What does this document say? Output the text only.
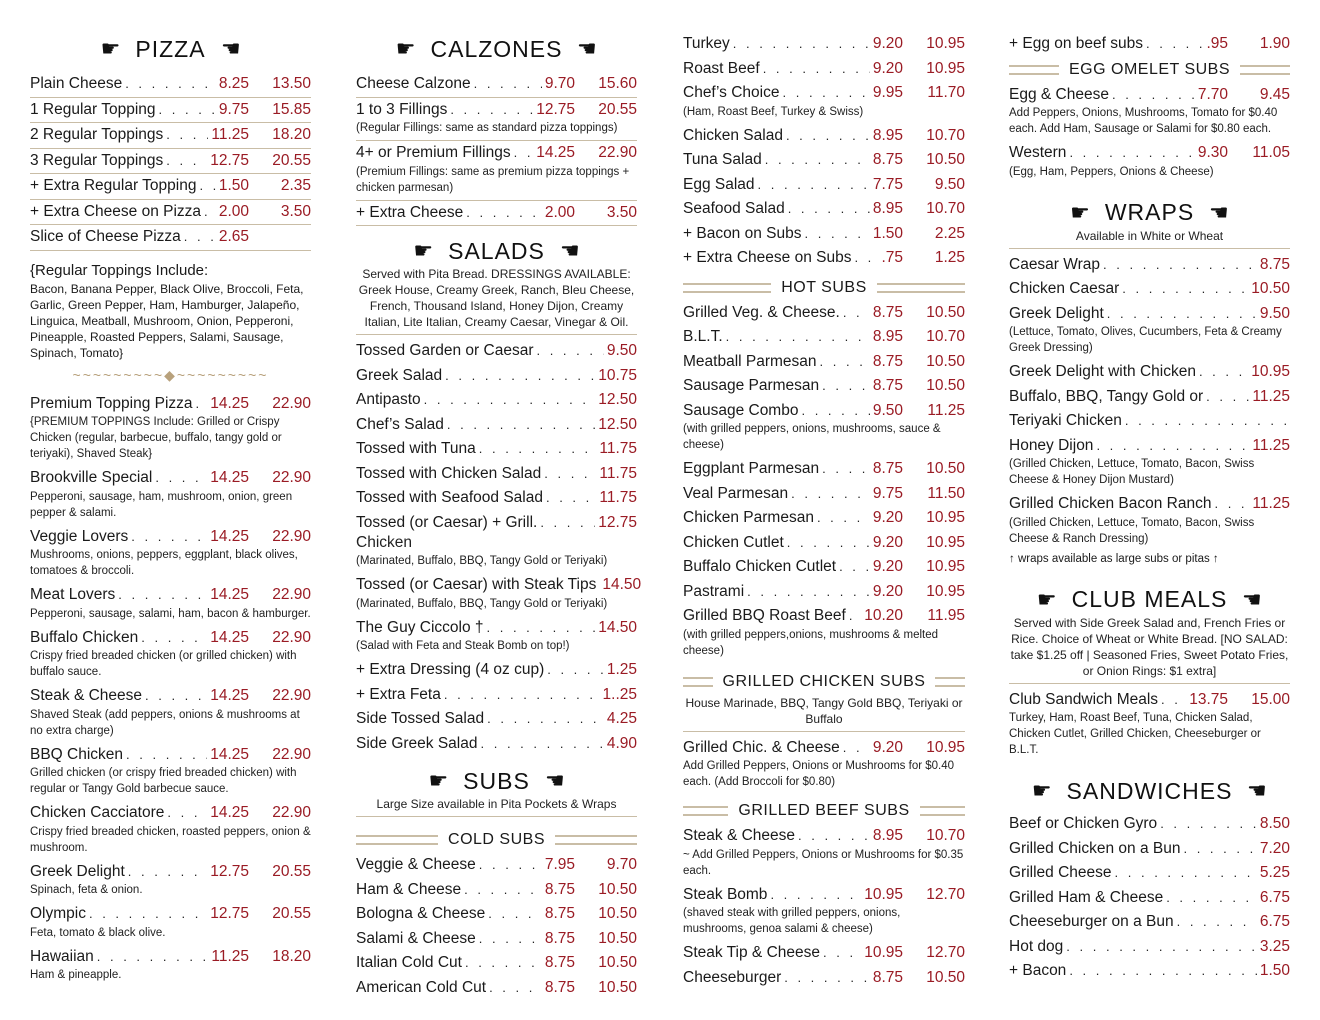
☛ PIZZA ☛
Plain Cheese . . .	8.25	13.50
1 Regular Topping . . .	9.75	15.85
2 Regular Toppings . . .	11.25	18.20
3 Regular Toppings . . .	12.75	20.55
+ Extra Regular Topping . . . 1.50	2.35
+ Extra Cheese on Pizza . . . 2.00	3.50
Slice of Cheese Pizza . . . 2.65
{Regular Toppings Include:
Bacon, Banana Pepper, Black Olive, Broccoli, Feta, Garlic, Green Pepper, Ham, Hamburger, Jalapeño, Linguica, Meatball, Mushroom, Onion, Pepperoni, Pineapple, Roasted Peppers, Salami, Sausage, Spinach, Tomato}
~~~~~~~~~◆~~~~~~~~~
Premium Topping Pizza . . . 14.25	22.90
{PREMIUM TOPPINGS Include: Grilled or Crispy Chicken (regular, barbecue, buffalo, tangy gold or teriyaki), Shaved Steak}
Brookville Special . . .	14.25	22.90
Pepperoni, sausage, ham, mushroom, onion, green pepper & salami.
Veggie Lovers . . .	14.25	22.90
Mushrooms, onions, peppers, eggplant, black olives, tomatoes & broccoli.
Meat Lovers . . .	14.25	22.90
Pepperoni, sausage, salami, ham, bacon & hamburger.
Buffalo Chicken . . .	14.25	22.90
Crispy fried breaded chicken (or grilled chicken) with buffalo sauce.
Steak & Cheese . . .	14.25	22.90
Shaved Steak (add peppers, onions & mushrooms at no extra charge)
BBQ Chicken . . .	14.25	22.90
Grilled chicken (or crispy fried breaded chicken) with regular or Tangy Gold barbecue sauce.
Chicken Cacciatore . . .	14.25	22.90
Crispy fried breaded chicken, roasted peppers, onion & mushroom.
Greek Delight . . .	12.75	20.55
Spinach, feta & onion.
Olympic . . .	12.75	20.55
Feta, tomato & black olive.
Hawaiian . . .	11.25	18.20
Ham & pineapple.
☛ CALZONES ☛
Cheese Calzone . . .	9.70	15.60
1 to 3 Fillings . . .	12.75	20.55
(Regular Fillings: same as standard pizza toppings)
4+ or Premium Fillings . . . 14.25	22.90
(Premium Fillings: same as premium pizza toppings + chicken parmesan)
+ Extra Cheese . . .	2.00	3.50
☛ SALADS ☛
Served with Pita Bread. DRESSINGS AVAILABLE: Greek House, Creamy Greek, Ranch, Bleu Cheese, French, Thousand Island, Honey Dijon, Creamy Italian, Lite Italian, Creamy Caesar, Vinegar & Oil.
Tossed Garden or Caesar . . .	9.50
Greek Salad . . .	10.75
Antipasto . . .	12.50
Chef’s Salad . . .	12.50
Tossed with Tuna . . .	11.75
Tossed with Chicken Salad . . .	11.75
Tossed with Seafood Salad . . .	11.75
Tossed (or Caesar) + Grill. . . .	12.75
Chicken
(Marinated, Buffalo, BBQ, Tangy Gold or Teriyaki)
Tossed (or Caesar) with Steak Tips 14.50
(Marinated, Buffalo, BBQ, Tangy Gold or Teriyaki)
The Guy Ciccolo † . . .	14.50
(Salad with Feta and Steak Bomb on top!)
+ Extra Dressing (4 oz cup) . . .	1.25
+ Extra Feta . . .	1..25
Side Tossed Salad . . .	4.25
Side Greek Salad . . .	4.90
☛ SUBS ☛
Large Size available in Pita Pockets & Wraps
COLD SUBS
Veggie & Cheese . . .	7.95	9.70
Ham & Cheese . . .	8.75	10.50
Bologna & Cheese . . .	8.75	10.50
Salami & Cheese . . .	8.75	10.50
Italian Cold Cut . . .	8.75	10.50
American Cold Cut . . .	8.75	10.50
Turkey . . .	9.20	10.95
Roast Beef . . .	9.20	10.95
Chef’s Choice . . .	9.95	11.70
(Ham, Roast Beef, Turkey & Swiss)
Chicken Salad . . .	8.95	10.70
Tuna Salad . . .	8.75	10.50
Egg Salad . . .	7.75	9.50
Seafood Salad . . .	8.95	10.70
+ Bacon on Subs . . .	1.50	2.25
+ Extra Cheese on Subs . . . .75	1.25
HOT SUBS
Grilled Veg. & Cheese. . . . 8.75	10.50
B.L.T. . . .	8.95	10.70
Meatball Parmesan . . .	8.75	10.50
Sausage Parmesan . . .	8.75	10.50
Sausage Combo . . .	9.50	11.25
(with grilled peppers, onions, mushrooms, sauce & cheese)
Eggplant Parmesan . . .	8.75	10.50
Veal Parmesan . . .	9.75	11.50
Chicken Parmesan . . .	9.20	10.95
Chicken Cutlet . . .	9.20	10.95
Buffalo Chicken Cutlet . . . 9.20	10.95
Pastrami . . .	9.20	10.95
Grilled BBQ Roast Beef . . . 10.20	11.95
(with grilled peppers,onions, mushrooms & melted cheese)
GRILLED CHICKEN SUBS
House Marinade, BBQ, Tangy Gold BBQ, Teriyaki or Buffalo
Grilled Chic. & Cheese . . . 9.20	10.95
Add Grilled Peppers, Onions or Mushrooms for $0.40 each. (Add Broccoli for $0.80)
GRILLED BEEF SUBS
Steak & Cheese . . .	8.95	10.70
~ Add Grilled Peppers, Onions or Mushrooms for $0.35 each.
Steak Bomb . . .	10.95	12.70
(shaved steak with grilled peppers, onions, mushrooms, genoa salami & cheese)
Steak Tip & Cheese . . .	10.95	12.70
Cheeseburger . . .	8.75	10.50
+ Egg on beef subs . . .	.95	1.90
EGG OMELET SUBS
Egg & Cheese . . .	7.70	9.45
Add Peppers, Onions, Mushrooms, Tomato for $0.40 each. Add Ham, Sausage or Salami for $0.80 each.
Western . . .	9.30	11.05
(Egg, Ham, Peppers, Onions & Cheese)
☛ WRAPS ☛
Available in White or Wheat
Caesar Wrap . . .	8.75
Chicken Caesar . . .	10.50
Greek Delight . . .	9.50
(Lettuce, Tomato, Olives, Cucumbers, Feta & Creamy Greek Dressing)
Greek Delight with Chicken . . .	10.95
Buffalo, BBQ, Tangy Gold or . . .	11.25
Teriyaki Chicken
. . .
Honey Dijon . . .	11.25
(Grilled Chicken, Lettuce, Tomato, Bacon, Swiss Cheese & Honey Dijon Mustard)
Grilled Chicken Bacon Ranch . . .	11.25
(Grilled Chicken, Lettuce, Tomato, Bacon, Swiss Cheese & Ranch Dressing)
↑ wraps available as large subs or pitas ↑
☛ CLUB MEALS ☛
Served with Side Greek Salad and, French Fries or Rice. Choice of Wheat or White Bread. [NO SALAD: take $1.25 off | Seasoned Fries, Sweet Potato Fries, or Onion Rings: $1 extra]
Club Sandwich Meals . . . 13.75	15.00
Turkey, Ham, Roast Beef, Tuna, Chicken Salad, Chicken Cutlet, Grilled Chicken, Cheeseburger or B.L.T.
☛ SANDWICHES ☛
Beef or Chicken Gyro . . .	8.50
Grilled Chicken on a Bun . . .	7.20
Grilled Cheese . . .	5.25
Grilled Ham & Cheese . . .	6.75
Cheeseburger on a Bun . . .	6.75
Hot dog . . .	3.25
+ Bacon . . .	1.50
